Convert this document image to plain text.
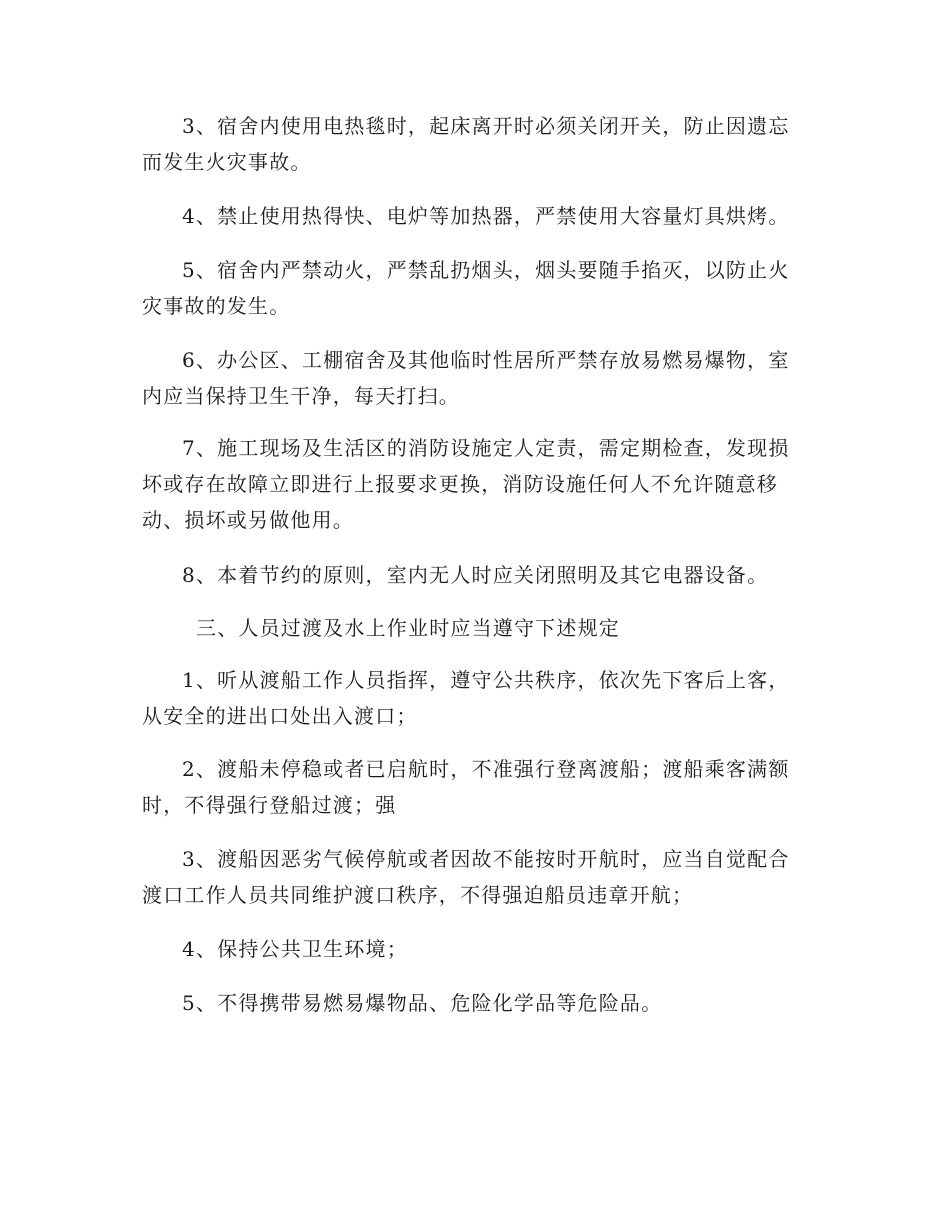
3、宿舍内使用电热毯时，起床离开时必须关闭开关，防止因遗忘而发生火灾事故。

4、禁止使用热得快、电炉等加热器，严禁使用大容量灯具烘烤。

5、宿舍内严禁动火，严禁乱扔烟头，烟头要随手掐灭，以防止火灾事故的发生。

6、办公区、工棚宿舍及其他临时性居所严禁存放易燃易爆物，室内应当保持卫生干净，每天打扫。

7、施工现场及生活区的消防设施定人定责，需定期检查，发现损坏或存在故障立即进行上报要求更换，消防设施任何人不允许随意移动、损坏或另做他用。

8、本着节约的原则，室内无人时应关闭照明及其它电器设备。

三、人员过渡及水上作业时应当遵守下述规定

1、听从渡船工作人员指挥，遵守公共秩序，依次先下客后上客，从安全的进出口处出入渡口；

2、渡船未停稳或者已启航时，不准强行登离渡船；渡船乘客满额时，不得强行登船过渡；强

3、渡船因恶劣气候停航或者因故不能按时开航时，应当自觉配合渡口工作人员共同维护渡口秩序，不得强迫船员违章开航；

4、保持公共卫生环境；

5、不得携带易燃易爆物品、危险化学品等危险品。
